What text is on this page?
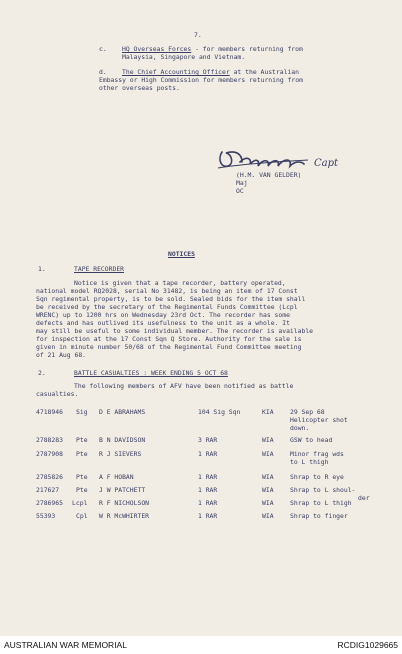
7.
c. HQ Overseas Forces - for members returning from
Malaysia, Singapore and Vietnam.
d. The Chief Accounting Officer at the Australian
Embassy or High Commission for members returning from
other overseas posts.
Capt
(H.M. VAN GELDER)
Maj
OC
NOTICES
1.	TAPE RECORDER
Notice is given that a tape recorder, battery operated,
national model RQ2028, serial No 31482, is being an item of 17 Const
Sqn regimental property, is to be sold. Sealed bids for the item shall
be received by the secretary of the Regimental Funds Committee (Lcpl
WRENC) up to 1200 hrs on Wednesday 23rd Oct. The recorder has some
defects and has outlived its usefulness to the unit as a whole. It
may still be useful to some individual member. The recorder is available
for inspection at the 17 Const Sqn Q Store. Authority for the sale is
given in minute number 50/68 of the Regimental Fund Committee meeting
of 21 Aug 68.
2.	BATTLE CASUALTIES : WEEK ENDING 5 OCT 68
The following members of AFV have been notified as battle
casualties.
4718946 Sig D E ABRAHAMS	104 Sig Sqn	KIA	29 Sep 68
Helicopter shot
down.
2788283 Pte B N DAVIDSON	3 RAR	WIA	GSW to head
2787908 Pte R J SIEVERS	1 RAR	WIA	Minor frag wds
to L thigh
2785826 Pte A F HOBAN	1 RAR	WIA	Shrap to R eye
217627	Pte J W PATCHETT	1 RAR	WIA	Shrap to L shoul-
der
2786965 Lcpl R F NICHOLSON	1 RAR	WIA	Shrap to L thigh
55393	Cpl W R McWHIRTER	1 RAR	WIA	Shrap to finger
AUSTRALIAN WAR MEMORIAL	RCDIG1029665
